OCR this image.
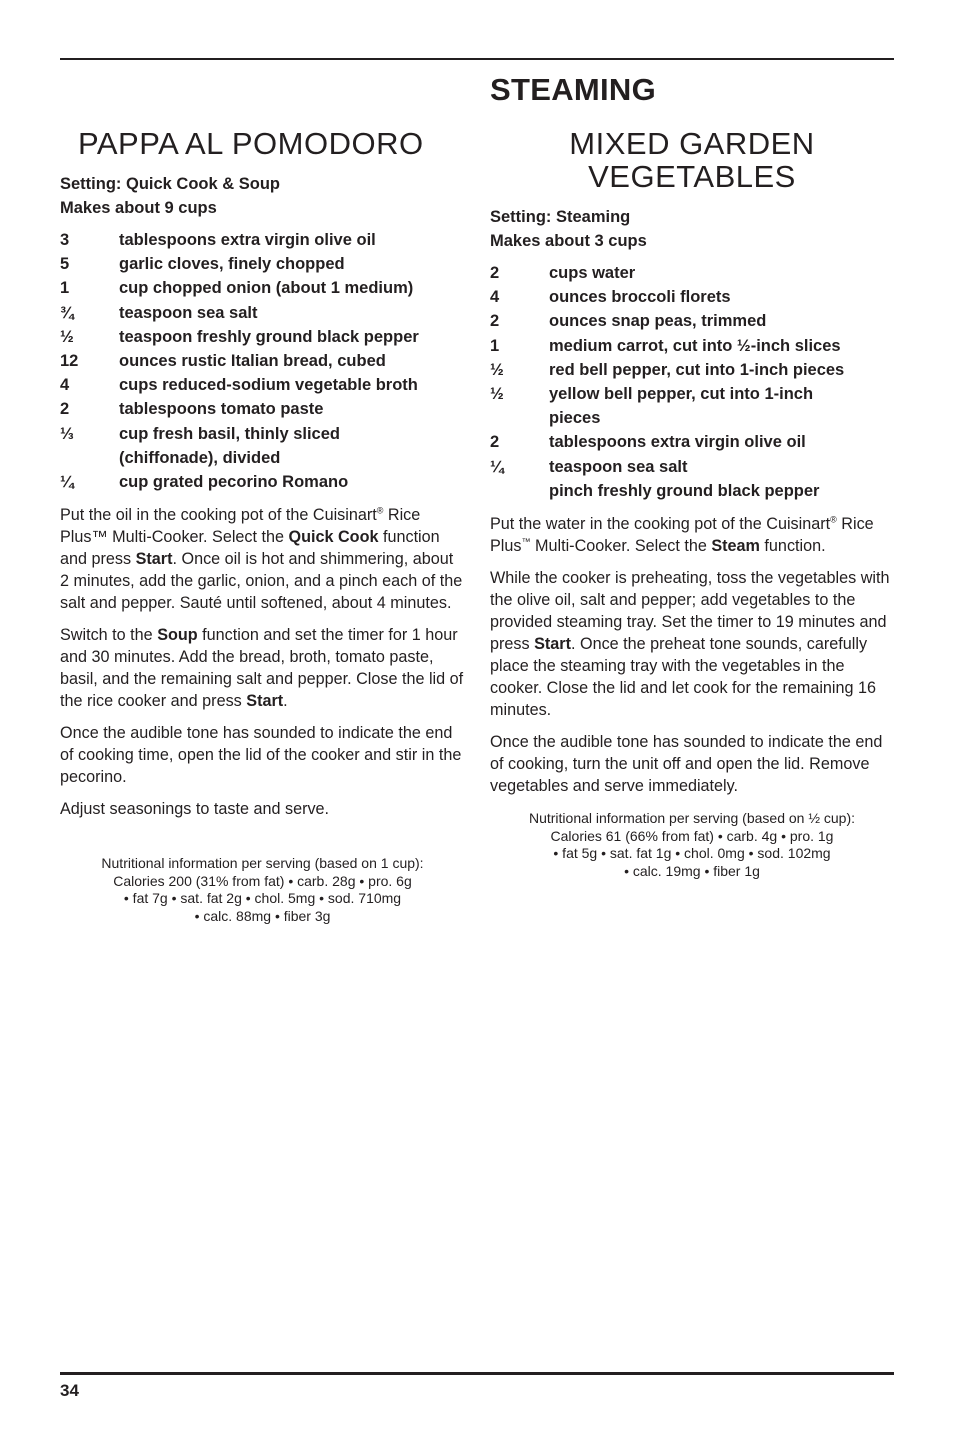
PAPPA AL POMODORO
Setting: Quick Cook & Soup
Makes about 9 cups
3	tablespoons extra virgin olive oil
5	garlic cloves, finely chopped
1	cup chopped onion (about 1 medium)
¾	teaspoon sea salt
½	teaspoon freshly ground black pepper
12	ounces rustic Italian bread, cubed
4	cups reduced-sodium vegetable broth
2	tablespoons tomato paste
⅓	cup fresh basil, thinly sliced (chiffonade), divided
¼	cup grated pecorino Romano

Put the oil in the cooking pot of the Cuisinart® Rice Plus™ Multi-Cooker. Select the Quick Cook function and press Start. Once oil is hot and shimmering, about 2 minutes, add the garlic, onion, and a pinch each of the salt and pepper. Sauté until softened, about 4 minutes.

Switch to the Soup function and set the timer for 1 hour and 30 minutes. Add the bread, broth, tomato paste, basil, and the remaining salt and pepper. Close the lid of the rice cooker and press Start.

Once the audible tone has sounded to indicate the end of cooking time, open the lid of the cooker and stir in the pecorino.

Adjust seasonings to taste and serve.

Nutritional information per serving (based on 1 cup):
Calories 200 (31% from fat) • carb. 28g • pro. 6g
• fat 7g • sat. fat 2g • chol. 5mg • sod. 710mg
• calc. 88mg • fiber 3g
STEAMING
MIXED GARDEN
VEGETABLES
Setting: Steaming
Makes about 3 cups
2	cups water
4	ounces broccoli florets
2	ounces snap peas, trimmed
1	medium carrot, cut into ½-inch slices
½	red bell pepper, cut into 1-inch pieces
½	yellow bell pepper, cut into 1-inch pieces
2	tablespoons extra virgin olive oil
¼	teaspoon sea salt
pinch freshly ground black pepper

Put the water in the cooking pot of the Cuisinart® Rice Plus™ Multi-Cooker. Select the Steam function.

While the cooker is preheating, toss the vegetables with the olive oil, salt and pepper; add vegetables to the provided steaming tray. Set the timer to 19 minutes and press Start. Once the preheat tone sounds, carefully place the steaming tray with the vegetables in the cooker. Close the lid and let cook for the remaining 16 minutes.

Once the audible tone has sounded to indicate the end of cooking, turn the unit off and open the lid. Remove vegetables and serve immediately.

Nutritional information per serving (based on ½ cup):
Calories 61 (66% from fat) • carb. 4g • pro. 1g
• fat 5g • sat. fat 1g • chol. 0mg • sod. 102mg
• calc. 19mg • fiber 1g
34
